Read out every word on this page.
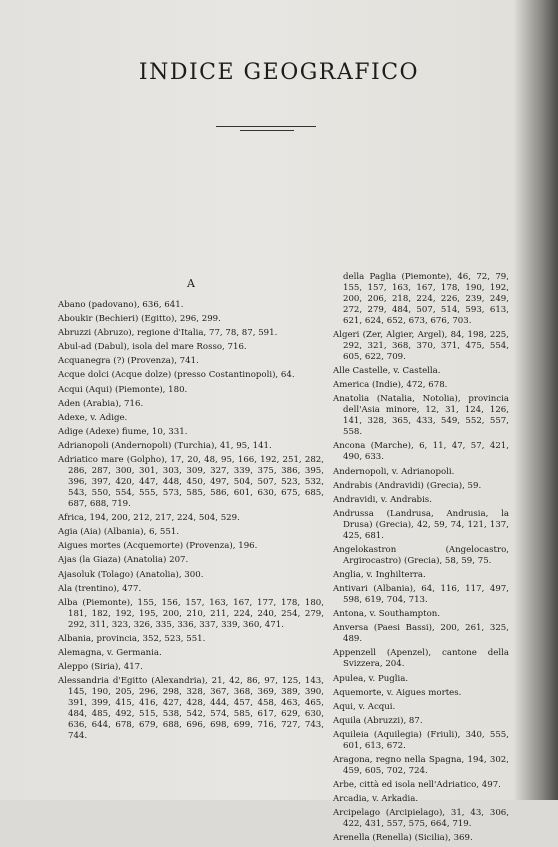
INDICE GEOGRAFICO
A
Abano (padovano), 636, 641.
Aboukir (Bechieri) (Egitto), 296, 299.
Abruzzi (Abruzo), regione d'Italia, 77, 78, 87, 591.
Abul-ad (Dabul), isola del mare Rosso, 716.
Acquanegra (?) (Provenza), 741.
Acque dolci (Acque dolze) (presso Costantinopoli), 64.
Acqui (Aqui) (Piemonte), 180.
Aden (Arabia), 716.
Adexe, v. Adige.
Adige (Adexe) fiume, 10, 331.
Adrianopoli (Andernopoli) (Turchia), 41, 95, 141.
Adriatico mare (Golpho), 17, 20, 48, 95, 166, 192, 251, 282, 286, 287, 300, 301, 303, 309, 327, 339, 375, 386, 395, 396, 397, 420, 447, 448, 450, 497, 504, 507, 523, 532, 543, 550, 554, 555, 573, 585, 586, 601, 630, 675, 685, 687, 688, 719.
Africa, 194, 200, 212, 217, 224, 504, 529.
Agia (Aia) (Albania), 6, 551.
Aigues mortes (Acquemorte) (Provenza), 196.
Ajas (la Giaza) (Anatolia) 207.
Ajasoluk (Tolago) (Anatolia), 300.
Ala (trentino), 477.
Alba (Piemonte), 155, 156, 157, 163, 167, 177, 178, 180, 181, 182, 192, 195, 200, 210, 211, 224, 240, 254, 279, 292, 311, 323, 326, 335, 336, 337, 339, 360, 471.
Albania, provincia, 352, 523, 551.
Alemagna, v. Germania.
Aleppo (Siria), 417.
Alessandria d'Egitto (Alexandria), 21, 42, 86, 97, 125, 143, 145, 190, 205, 296, 298, 328, 367, 368, 369, 389, 390, 391, 399, 415, 416, 427, 428, 444, 457, 458, 463, 465, 484, 485, 492, 515, 538, 542, 574, 585, 617, 629, 630, 636, 644, 678, 679, 688, 696, 698, 699, 716, 727, 743, 744.
della Paglia (Piemonte), 46, 72, 79, 155, 157, 163, 167, 178, 190, 192, 200, 206, 218, 224, 226, 239, 249, 272, 279, 484, 507, 514, 593, 613, 621, 624, 652, 673, 676, 703.
Algeri (Zer, Algier, Argel), 84, 198, 225, 292, 321, 368, 370, 371, 475, 554, 605, 622, 709.
Alle Castelle, v. Castella.
America (Indie), 472, 678.
Anatolia (Natalia, Notolia), provincia dell'Asia minore, 12, 31, 124, 126, 141, 328, 365, 433, 549, 552, 557, 558.
Ancona (Marche), 6, 11, 47, 57, 421, 490, 633.
Andernopoli, v. Adrianopoli.
Andrabis (Andravidi) (Grecia), 59.
Andravidi, v. Andrabis.
Andrussa (Landrusa, Andrusia, la Drusa) (Grecia), 42, 59, 74, 121, 137, 425, 681.
Angelokastron (Angelocastro, Argirocastro) (Grecia), 58, 59, 75.
Anglia, v. Inghilterra.
Antivari (Albania), 64, 116, 117, 497, 598, 619, 704, 713.
Antona, v. Southampton.
Anversa (Paesi Bassi), 200, 261, 325, 489.
Appenzell (Apenzel), cantone della Svizzera, 204.
Apulea, v. Puglia.
Aquemorte, v. Aigues mortes.
Aqui, v. Acqui.
Aquila (Abruzzi), 87.
Aquileia (Aquilegia) (Friuli), 340, 555, 601, 613, 672.
Aragona, regno nella Spagna, 194, 302, 459, 605, 702, 724.
Arbe, città ed isola nell'Adriatico, 497.
Arcadia, v. Arkadia.
Arcipelago (Arcipielago), 31, 43, 306, 422, 431, 557, 575, 664, 719.
Arenella (Renella) (Sicilia), 369.
